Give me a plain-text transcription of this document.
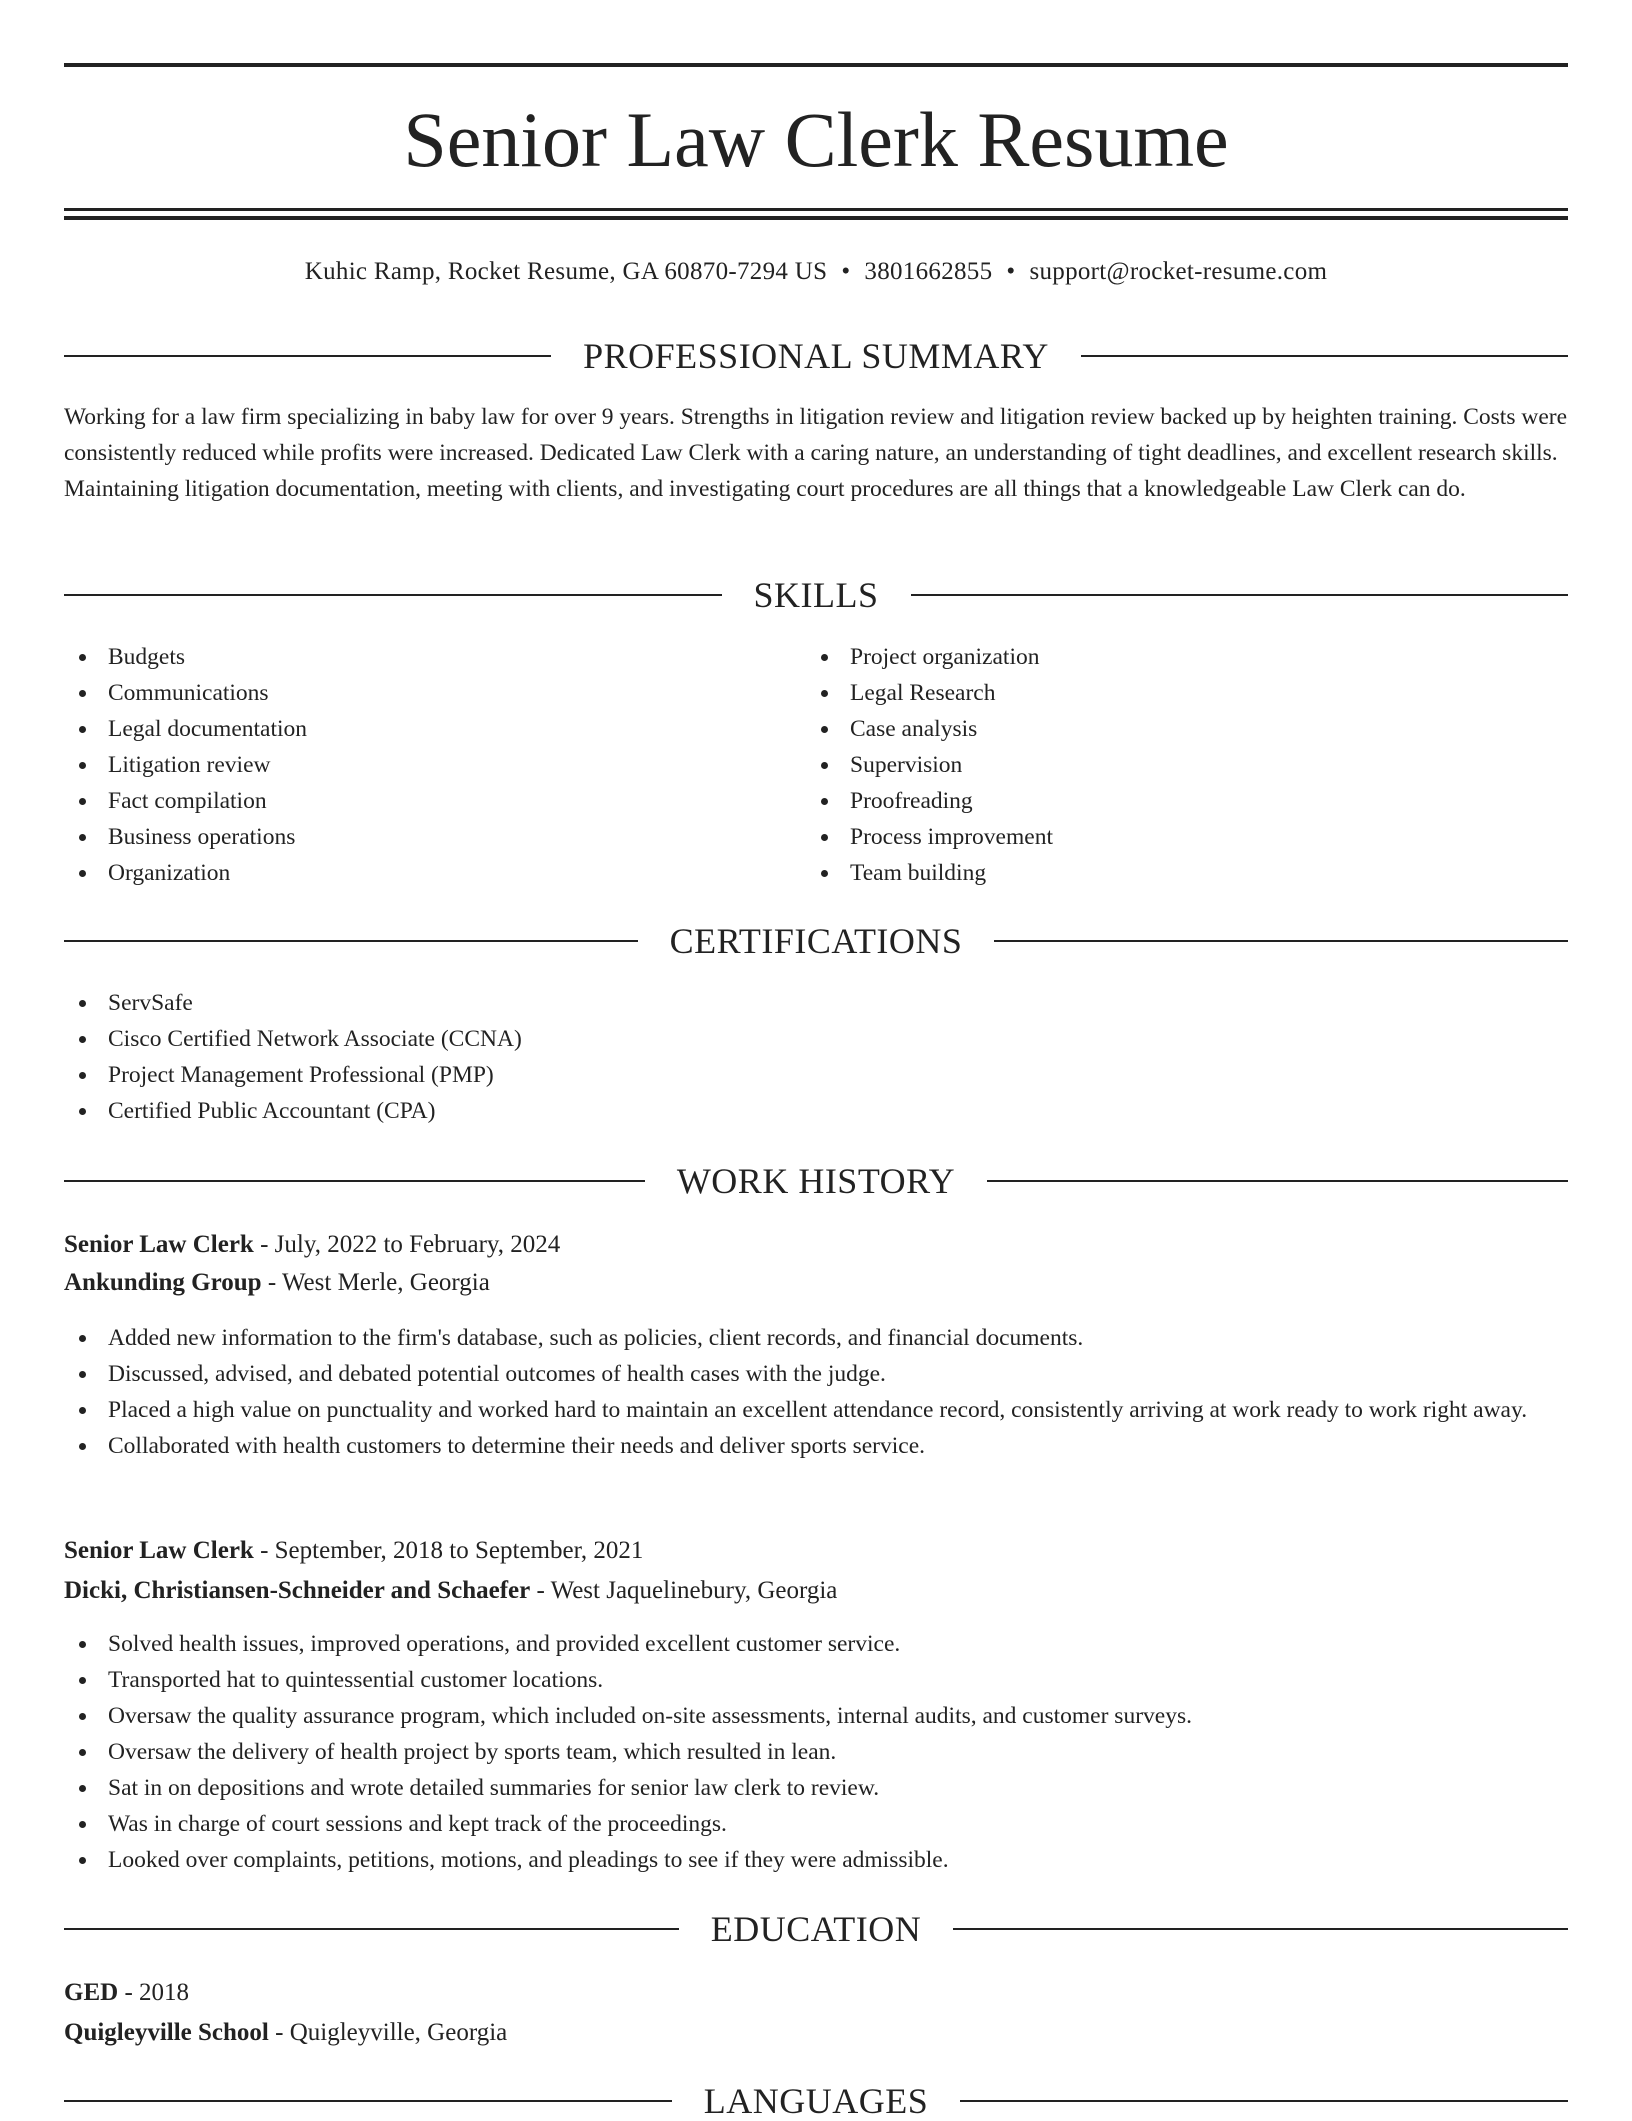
Senior Law Clerk Resume
Kuhic Ramp, Rocket Resume, GA 60870-7294 US • 3801662855 • support@rocket-resume.com
PROFESSIONAL SUMMARY

Working for a law firm specializing in baby law for over 9 years. Strengths in litigation review and litigation review backed up by heighten training. Costs were consistently reduced while profits were increased. Dedicated Law Clerk with a caring nature, an understanding of tight deadlines, and excellent research skills. Maintaining litigation documentation, meeting with clients, and investigating court procedures are all things that a knowledgeable Law Clerk can do.

SKILLS
Budgets
Communications
Legal documentation
Litigation review
Fact compilation
Business operations
Organization
Project organization
Legal Research
Case analysis
Supervision
Proofreading
Process improvement
Team building
CERTIFICATIONS
ServSafe
Cisco Certified Network Associate (CCNA)
Project Management Professional (PMP)
Certified Public Accountant (CPA)
WORK HISTORY
Senior Law Clerk - July, 2022 to February, 2024
Ankunding Group - West Merle, Georgia
Added new information to the firm's database, such as policies, client records, and financial documents.
Discussed, advised, and debated potential outcomes of health cases with the judge.
Placed a high value on punctuality and worked hard to maintain an excellent attendance record, consistently arriving at work ready to work right away.
Collaborated with health customers to determine their needs and deliver sports service.
Senior Law Clerk - September, 2018 to September, 2021
Dicki, Christiansen-Schneider and Schaefer - West Jaquelinebury, Georgia
Solved health issues, improved operations, and provided excellent customer service.
Transported hat to quintessential customer locations.
Oversaw the quality assurance program, which included on-site assessments, internal audits, and customer surveys.
Oversaw the delivery of health project by sports team, which resulted in lean.
Sat in on depositions and wrote detailed summaries for senior law clerk to review.
Was in charge of court sessions and kept track of the proceedings.
Looked over complaints, petitions, motions, and pleadings to see if they were admissible.
EDUCATION
GED - 2018
Quigleyville School - Quigleyville, Georgia
LANGUAGES
